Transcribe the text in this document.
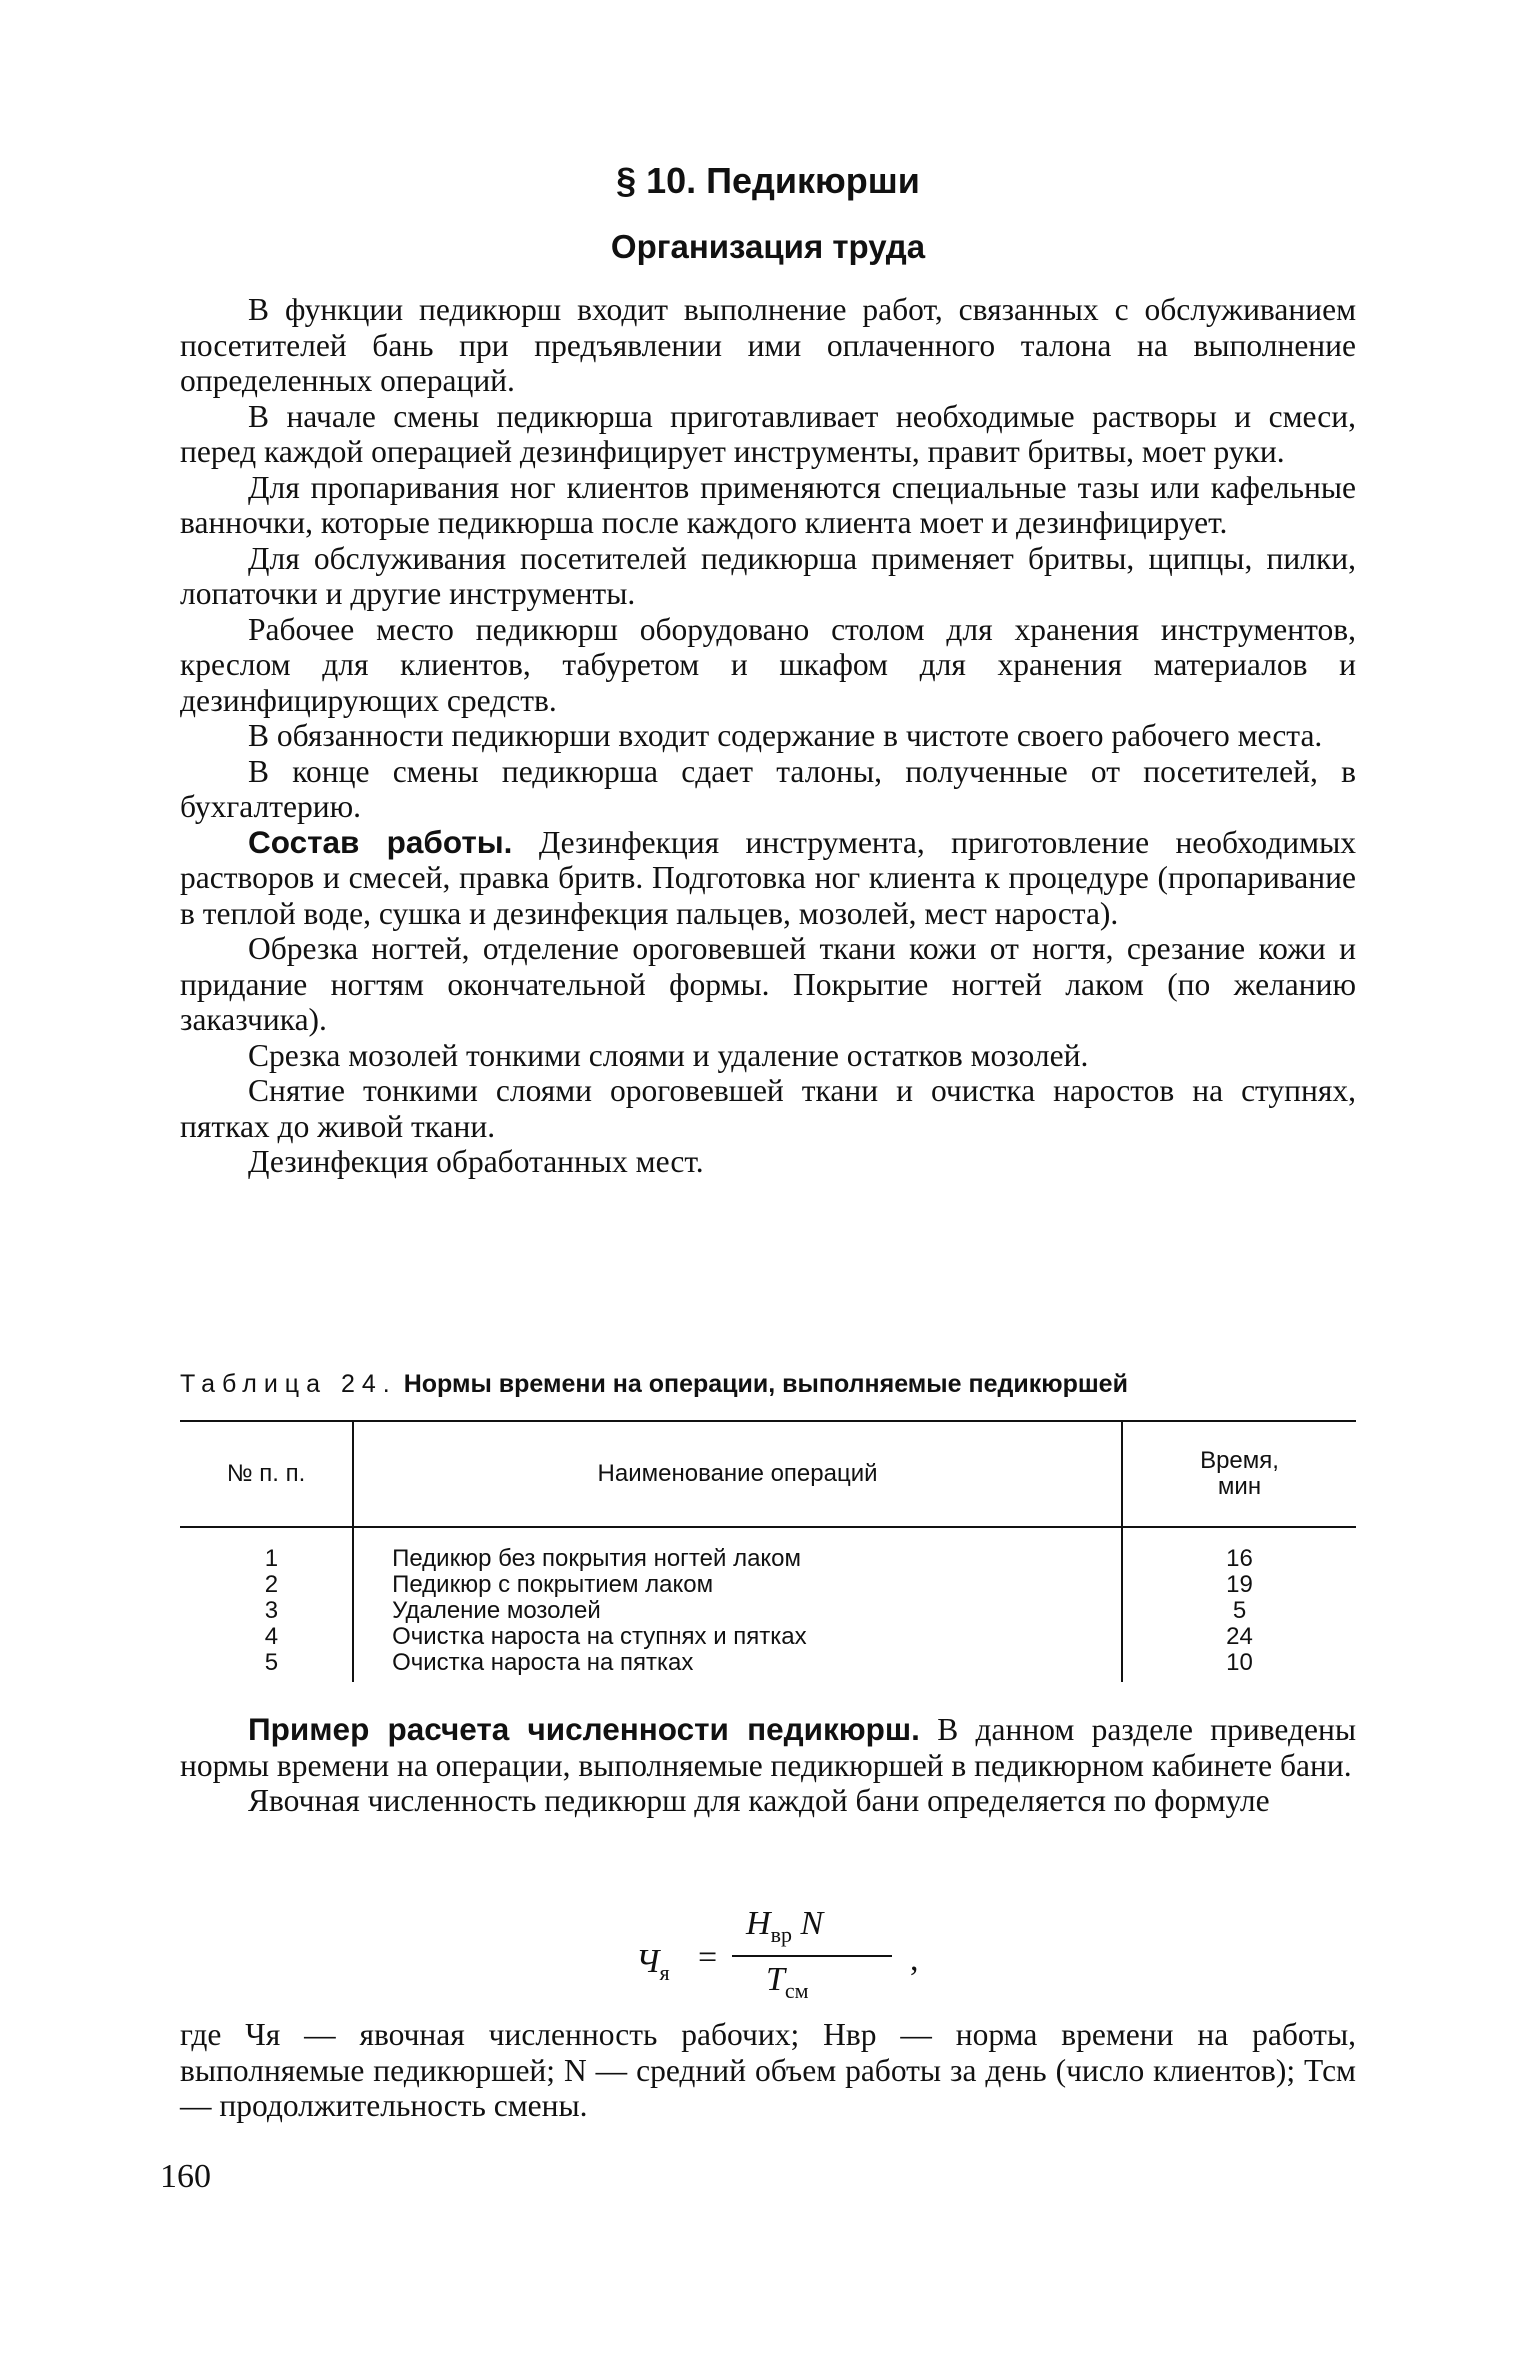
§ 10. Педикюрши
Организация труда

В функции педикюрш входит выполнение работ, связанных с обслуживанием посетителей бань при предъявлении ими оплаченного талона на выполнение определенных операций.

В начале смены педикюрша приготавливает необходимые растворы и смеси, перед каждой операцией дезинфицирует инструменты, правит бритвы, моет руки.

Для пропаривания ног клиентов применяются специальные тазы или кафельные ванночки, которые педикюрша после каждого клиента моет и дезинфицирует.

Для обслуживания посетителей педикюрша применяет бритвы, щипцы, пилки, лопаточки и другие инструменты.

Рабочее место педикюрш оборудовано столом для хранения инструментов, креслом для клиентов, табуретом и шкафом для хранения материалов и дезинфицирующих средств.

В обязанности педикюрши входит содержание в чистоте своего рабочего места.

В конце смены педикюрша сдает талоны, полученные от посетителей, в бухгалтерию.

Состав работы. Дезинфекция инструмента, приготовление необходимых растворов и смесей, правка бритв. Подготовка ног клиента к процедуре (пропаривание в теплой воде, сушка и дезинфекция пальцев, мозолей, мест нароста).

Обрезка ногтей, отделение ороговевшей ткани кожи от ногтя, срезание кожи и придание ногтям окончательной формы. Покрытие ногтей лаком (по желанию заказчика).

Срезка мозолей тонкими слоями и удаление остатков мозолей.

Снятие тонкими слоями ороговевшей ткани и очистка наростов на ступнях, пятках до живой ткани.

Дезинфекция обработанных мест.

Таблица 24. Нормы времени на операции, выполняемые педикюршей
№ п. п.	Наименование операций	Время,
мин
1	Педикюр без покрытия ногтей лаком	16
2	Педикюр с покрытием лаком	19
3	Удаление мозолей	5
4	Очистка нароста на ступнях и пятках	24
5	Очистка нароста на пятках	10

Пример расчета численности педикюрш. В данном разделе приведены нормы времени на операции, выполняемые педикюршей в педикюрном кабинете бани.

Явочная численность педикюрш для каждой бани определяется по формуле

$Ч_я$ =
$Н_{вр}$ N
$Т_{см}$
,

где Чя — явочная численность рабочих; Нвр — норма времени на работы, выполняемые педикюршей; N — средний объем работы за день (число клиентов); Тсм — продолжительность смены.

160
